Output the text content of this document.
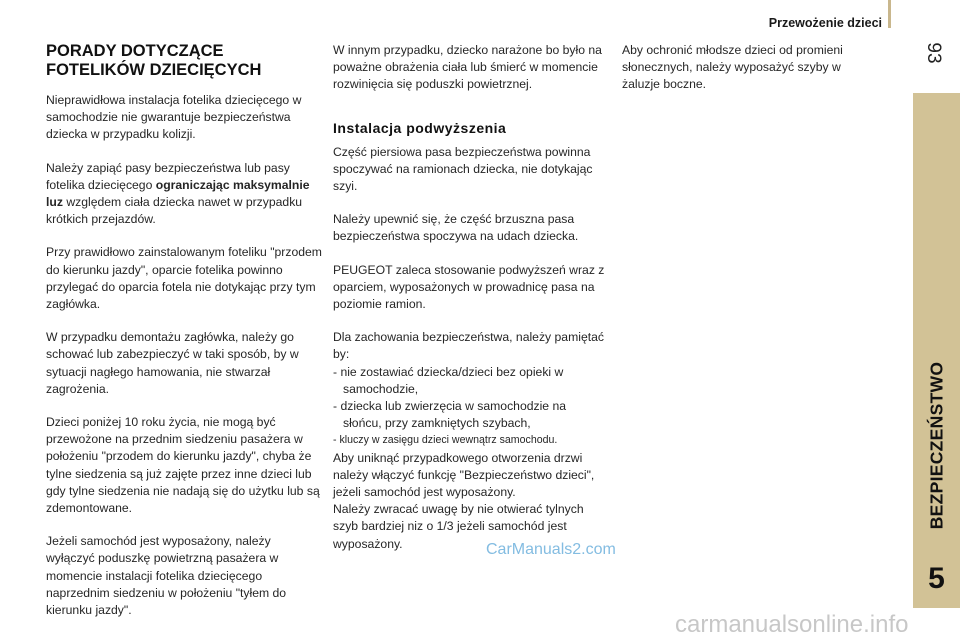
Przewożenie dzieci
93
BEZPIECZEŃSTWO
5
PORADY DOTYCZĄCE
FOTELIKÓW DZIECIĘCYCH

Nieprawidłowa instalacja fotelika dziecięcego w samochodzie nie gwarantuje bezpieczeństwa dziecka w przypadku kolizji.

Należy zapiąć pasy bezpieczeństwa lub pasy fotelika dziecięcego ograniczając maksymalnie luz względem ciała dziecka nawet w przypadku krótkich przejazdów.

Przy prawidłowo zainstalowanym foteliku "przodem do kierunku jazdy", oparcie fotelika powinno przylegać do oparcia fotela nie dotykając przy tym zagłówka.

W przypadku demontażu zagłówka, należy go schować lub zabezpieczyć w taki sposób, by w sytuacji nagłego hamowania, nie stwarzał zagrożenia.

Dzieci poniżej 10 roku życia, nie mogą być przewożone na przednim siedzeniu pasażera w położeniu "przodem do kierunku jazdy", chyba że tylne siedzenia są już zajęte przez inne dzieci lub gdy tylne siedzenia nie nadają się do użytku lub są zdemontowane.

Jeżeli samochód jest wyposażony, należy wyłączyć poduszkę powietrzną pasażera w momencie instalacji fotelika dziecięcego naprzednim siedzeniu w położeniu "tyłem do kierunku jazdy".

W innym przypadku, dziecko narażone bo było na poważne obrażenia ciała lub śmierć w momencie rozwinięcia się poduszki powietrznej.

Instalacja podwyższenia

Część piersiowa pasa bezpieczeństwa powinna spoczywać na ramionach dziecka, nie dotykając szyi.

Należy upewnić się, że część brzuszna pasa bezpieczeństwa spoczywa na udach dziecka.

PEUGEOT zaleca stosowanie podwyższeń wraz z oparciem, wyposażonych w prowadnicę pasa na poziomie ramion.

Dla zachowania bezpieczeństwa, należy pamiętać by:

- nie zostawiać dziecka/dzieci bez opieki w samochodzie,
- dziecka lub zwierzęcia w samochodzie na słońcu, przy zamkniętych szybach,
- kluczy w zasięgu dzieci wewnątrz samochodu.

Aby uniknąć przypadkowego otworzenia drzwi należy włączyć funkcję "Bezpieczeństwo dzieci", jeżeli samochód jest wyposażony.

Należy zwracać uwagę by nie otwierać tylnych szyb bardziej niz o 1/3 jeżeli samochód jest wyposażony.

Aby ochronić młodsze dzieci od promieni słonecznych, należy wyposażyć szyby w żaluzje boczne.

CarManuals2.com
carmanualsonline.info
